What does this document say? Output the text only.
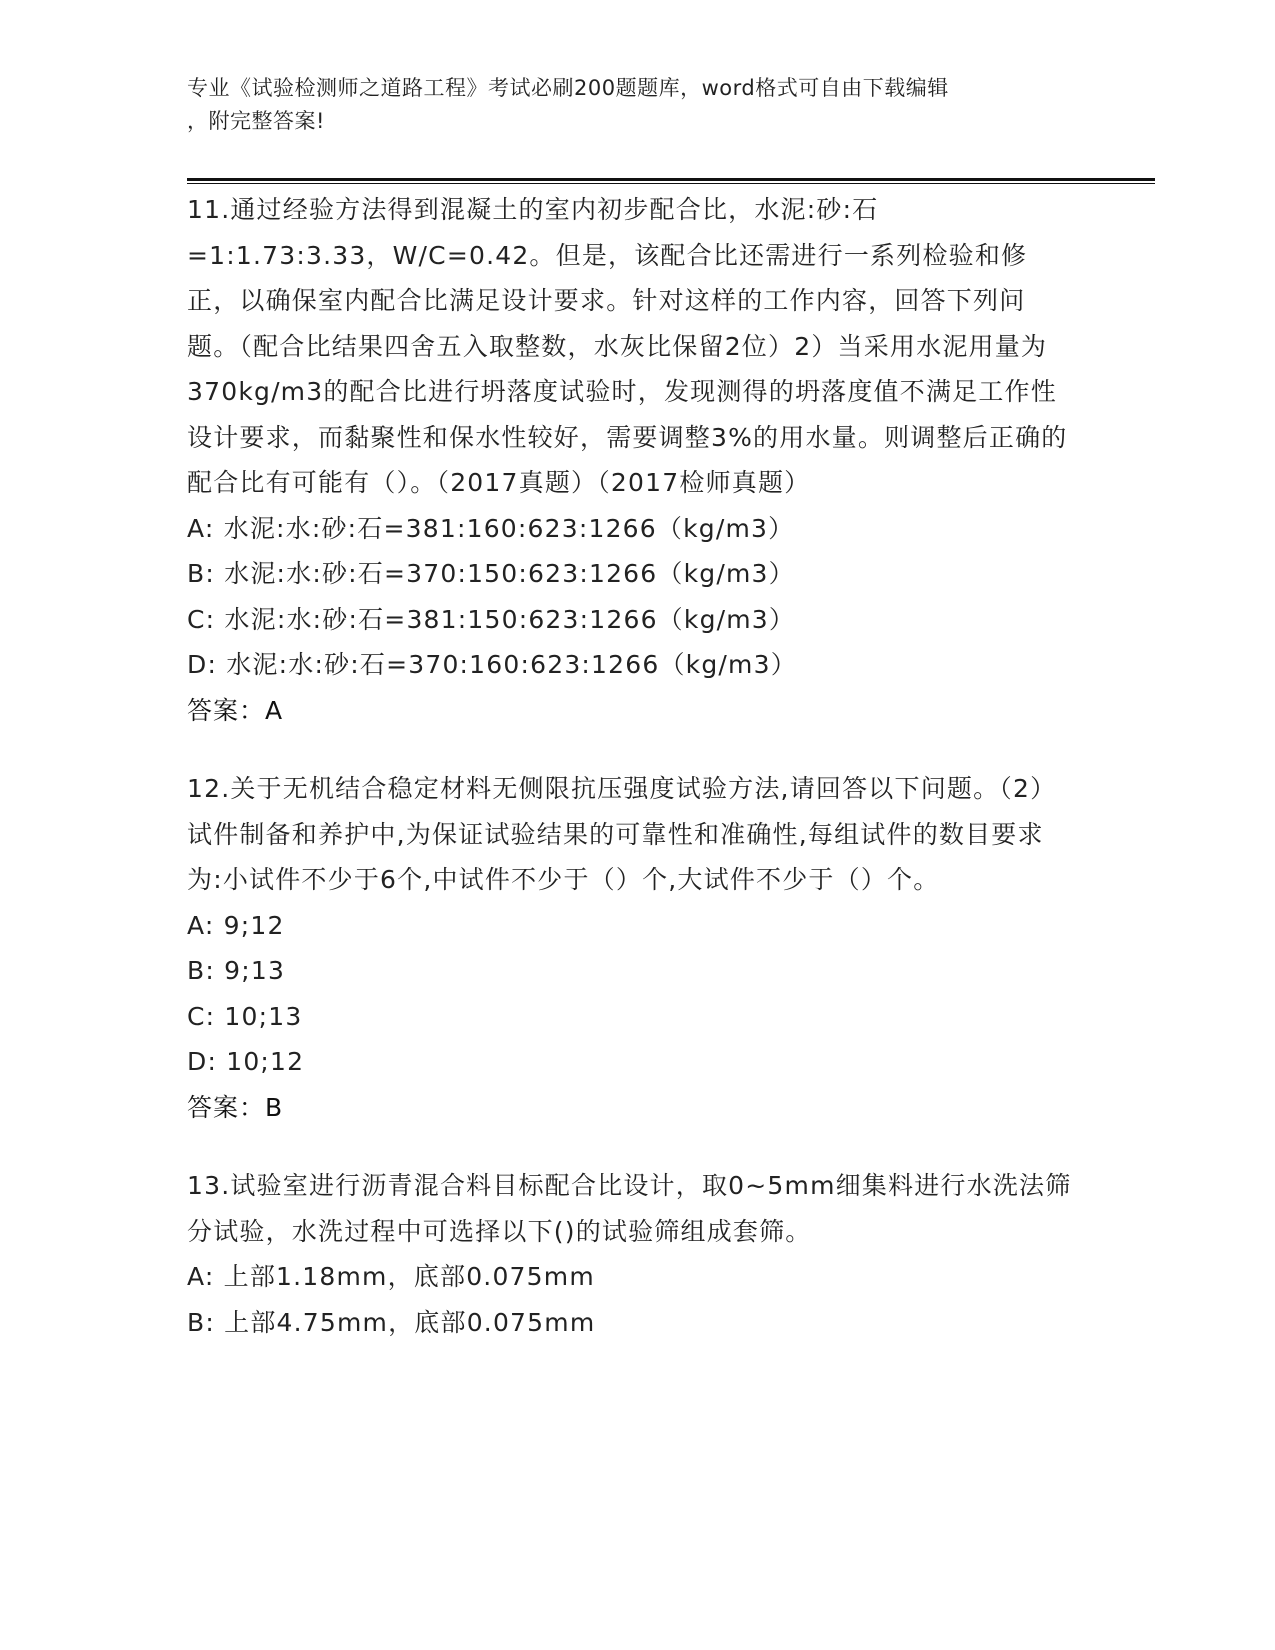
专业《试验检测师之道路工程》考试必刷200题题库，word格式可自由下载编辑
，附完整答案!

11.通过经验方法得到混凝土的室内初步配合比，水泥:砂:石=1:1.73:3.33，W/C=0.42。但是，该配合比还需进行一系列检验和修正，以确保室内配合比满足设计要求。针对这样的工作内容，回答下列问题。（配合比结果四舍五入取整数，水灰比保留2位）2）当采用水泥用量为370kg/m3的配合比进行坍落度试验时，发现测得的坍落度值不满足工作性设计要求，而黏聚性和保水性较好，需要调整3%的用水量。则调整后正确的配合比有可能有（）。（2017真题）（2017检师真题）

A: 水泥:水:砂:石=381:160:623:1266（kg/m3）

B: 水泥:水:砂:石=370:150:623:1266（kg/m3）

C: 水泥:水:砂:石=381:150:623:1266（kg/m3）

D: 水泥:水:砂:石=370:160:623:1266（kg/m3）

答案：A

12.关于无机结合稳定材料无侧限抗压强度试验方法,请回答以下问题。（2）试件制备和养护中,为保证试验结果的可靠性和准确性,每组试件的数目要求为:小试件不少于6个,中试件不少于（）个,大试件不少于（）个。

A: 9;12

B: 9;13

C: 10;13

D: 10;12

答案：B

13.试验室进行沥青混合料目标配合比设计，取0~5mm细集料进行水洗法筛分试验，水洗过程中可选择以下()的试验筛组成套筛。

A: 上部1.18mm，底部0.075mm

B: 上部4.75mm，底部0.075mm
